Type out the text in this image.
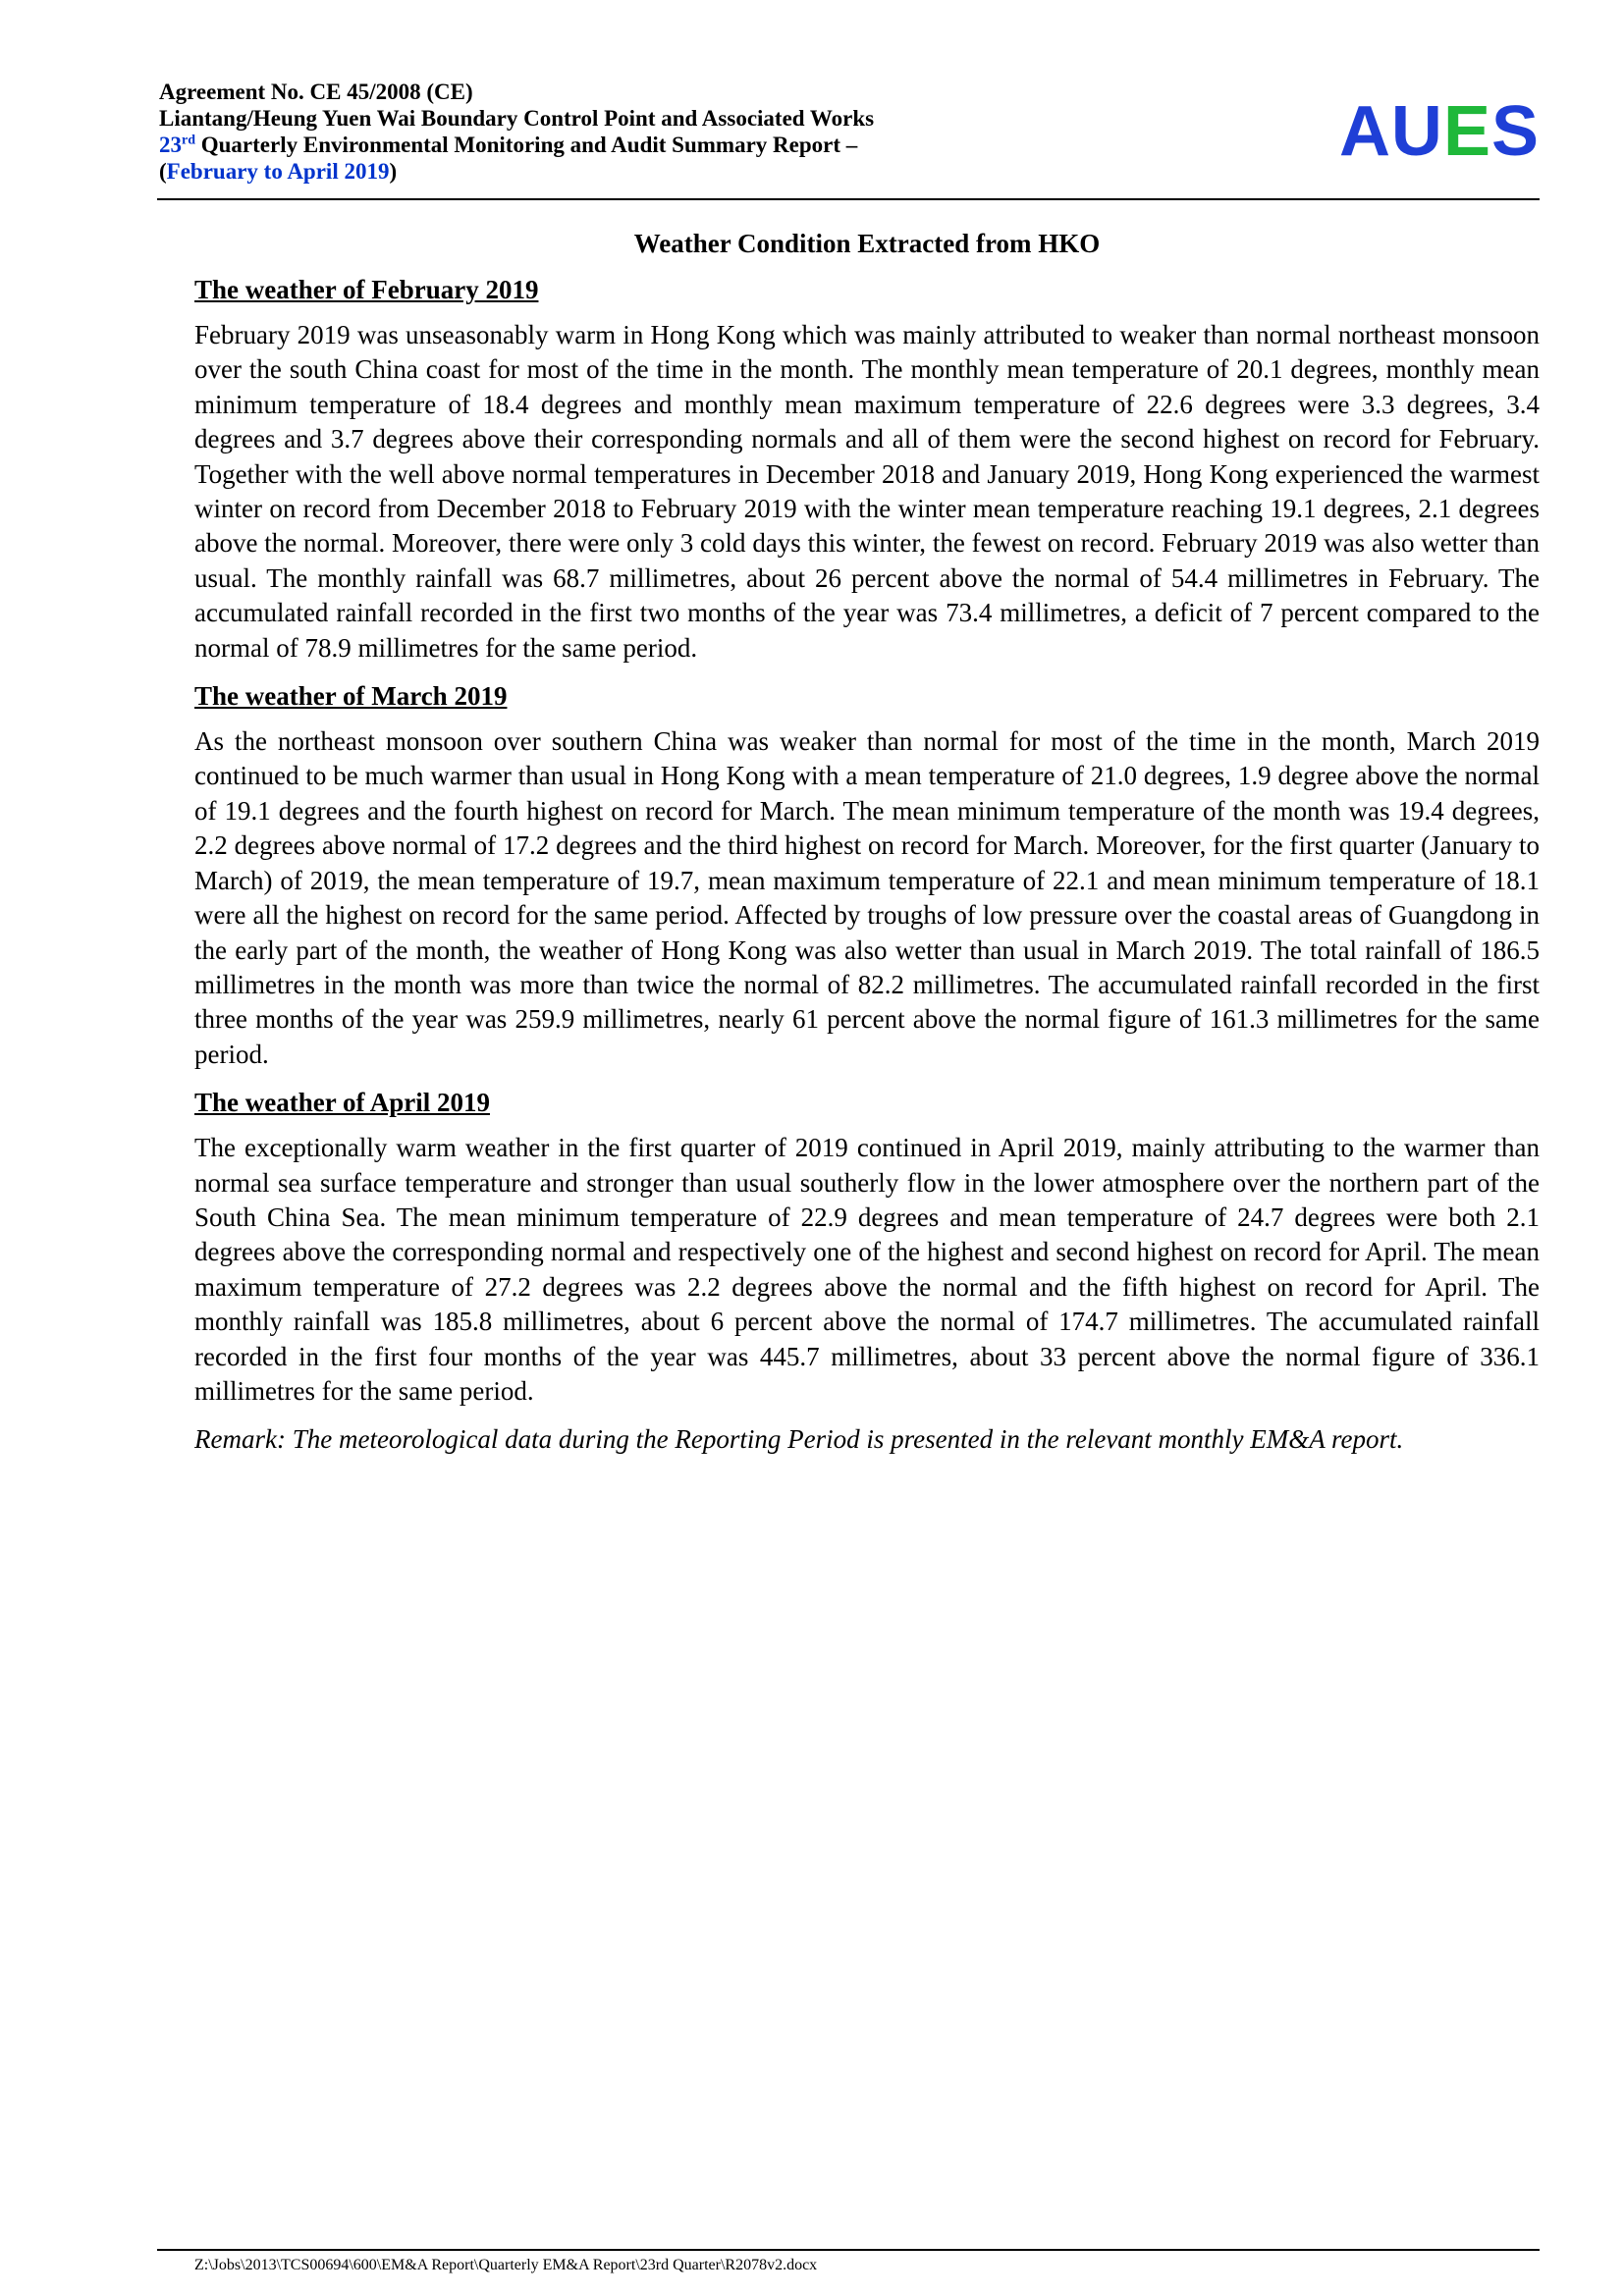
Agreement No. CE 45/2008 (CE)
Liantang/Heung Yuen Wai Boundary Control Point and Associated Works
23rd Quarterly Environmental Monitoring and Audit Summary Report –
(February to April 2019)
AUES
Weather Condition Extracted from HKO
The weather of February 2019

February 2019 was unseasonably warm in Hong Kong which was mainly attributed to weaker than normal northeast monsoon over the south China coast for most of the time in the month. The monthly mean temperature of 20.1 degrees, monthly mean minimum temperature of 18.4 degrees and monthly mean maximum temperature of 22.6 degrees were 3.3 degrees, 3.4 degrees and 3.7 degrees above their corresponding normals and all of them were the second highest on record for February. Together with the well above normal temperatures in December 2018 and January 2019, Hong Kong experienced the warmest winter on record from December 2018 to February 2019 with the winter mean temperature reaching 19.1 degrees, 2.1 degrees above the normal. Moreover, there were only 3 cold days this winter, the fewest on record. February 2019 was also wetter than usual. The monthly rainfall was 68.7 millimetres, about 26 percent above the normal of 54.4 millimetres in February. The accumulated rainfall recorded in the first two months of the year was 73.4 millimetres, a deficit of 7 percent compared to the normal of 78.9 millimetres for the same period.

The weather of March 2019

As the northeast monsoon over southern China was weaker than normal for most of the time in the month, March 2019 continued to be much warmer than usual in Hong Kong with a mean temperature of 21.0 degrees, 1.9 degree above the normal of 19.1 degrees and the fourth highest on record for March. The mean minimum temperature of the month was 19.4 degrees, 2.2 degrees above normal of 17.2 degrees and the third highest on record for March. Moreover, for the first quarter (January to March) of 2019, the mean temperature of 19.7, mean maximum temperature of 22.1 and mean minimum temperature of 18.1 were all the highest on record for the same period. Affected by troughs of low pressure over the coastal areas of Guangdong in the early part of the month, the weather of Hong Kong was also wetter than usual in March 2019. The total rainfall of 186.5 millimetres in the month was more than twice the normal of 82.2 millimetres. The accumulated rainfall recorded in the first three months of the year was 259.9 millimetres, nearly 61 percent above the normal figure of 161.3 millimetres for the same period.

The weather of April 2019

The exceptionally warm weather in the first quarter of 2019 continued in April 2019, mainly attributing to the warmer than normal sea surface temperature and stronger than usual southerly flow in the lower atmosphere over the northern part of the South China Sea. The mean minimum temperature of 22.9 degrees and mean temperature of 24.7 degrees were both 2.1 degrees above the corresponding normal and respectively one of the highest and second highest on record for April. The mean maximum temperature of 27.2 degrees was 2.2 degrees above the normal and the fifth highest on record for April. The monthly rainfall was 185.8 millimetres, about 6 percent above the normal of 174.7 millimetres. The accumulated rainfall recorded in the first four months of the year was 445.7 millimetres, about 33 percent above the normal figure of 336.1 millimetres for the same period.

Remark: The meteorological data during the Reporting Period is presented in the relevant monthly EM&A report.

Z:\Jobs\2013\TCS00694\600\EM&A Report\Quarterly EM&A Report\23rd Quarter\R2078v2.docx
